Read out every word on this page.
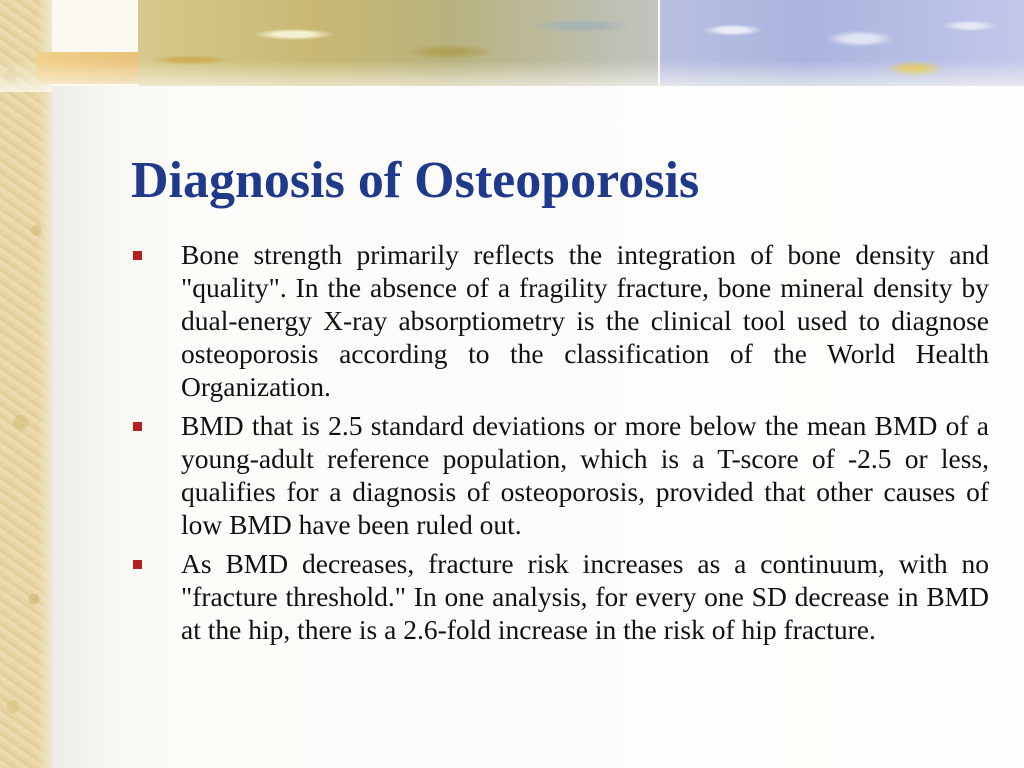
Diagnosis of Osteoporosis
Bone strength primarily reflects the integration of bone density and "quality". In the absence of a fragility fracture, bone mineral density by dual-energy X-ray absorptiometry is the clinical tool used to diagnose osteoporosis according to the classification of the World Health Organization.
BMD that is 2.5 standard deviations or more below the mean BMD of a young-adult reference population, which is a T-score of -2.5 or less, qualifies for a diagnosis of osteoporosis, provided that other causes of low BMD have been ruled out.
As BMD decreases, fracture risk increases as a continuum, with no "fracture threshold." In one analysis, for every one SD decrease in BMD at the hip, there is a 2.6-fold increase in the risk of hip fracture.
